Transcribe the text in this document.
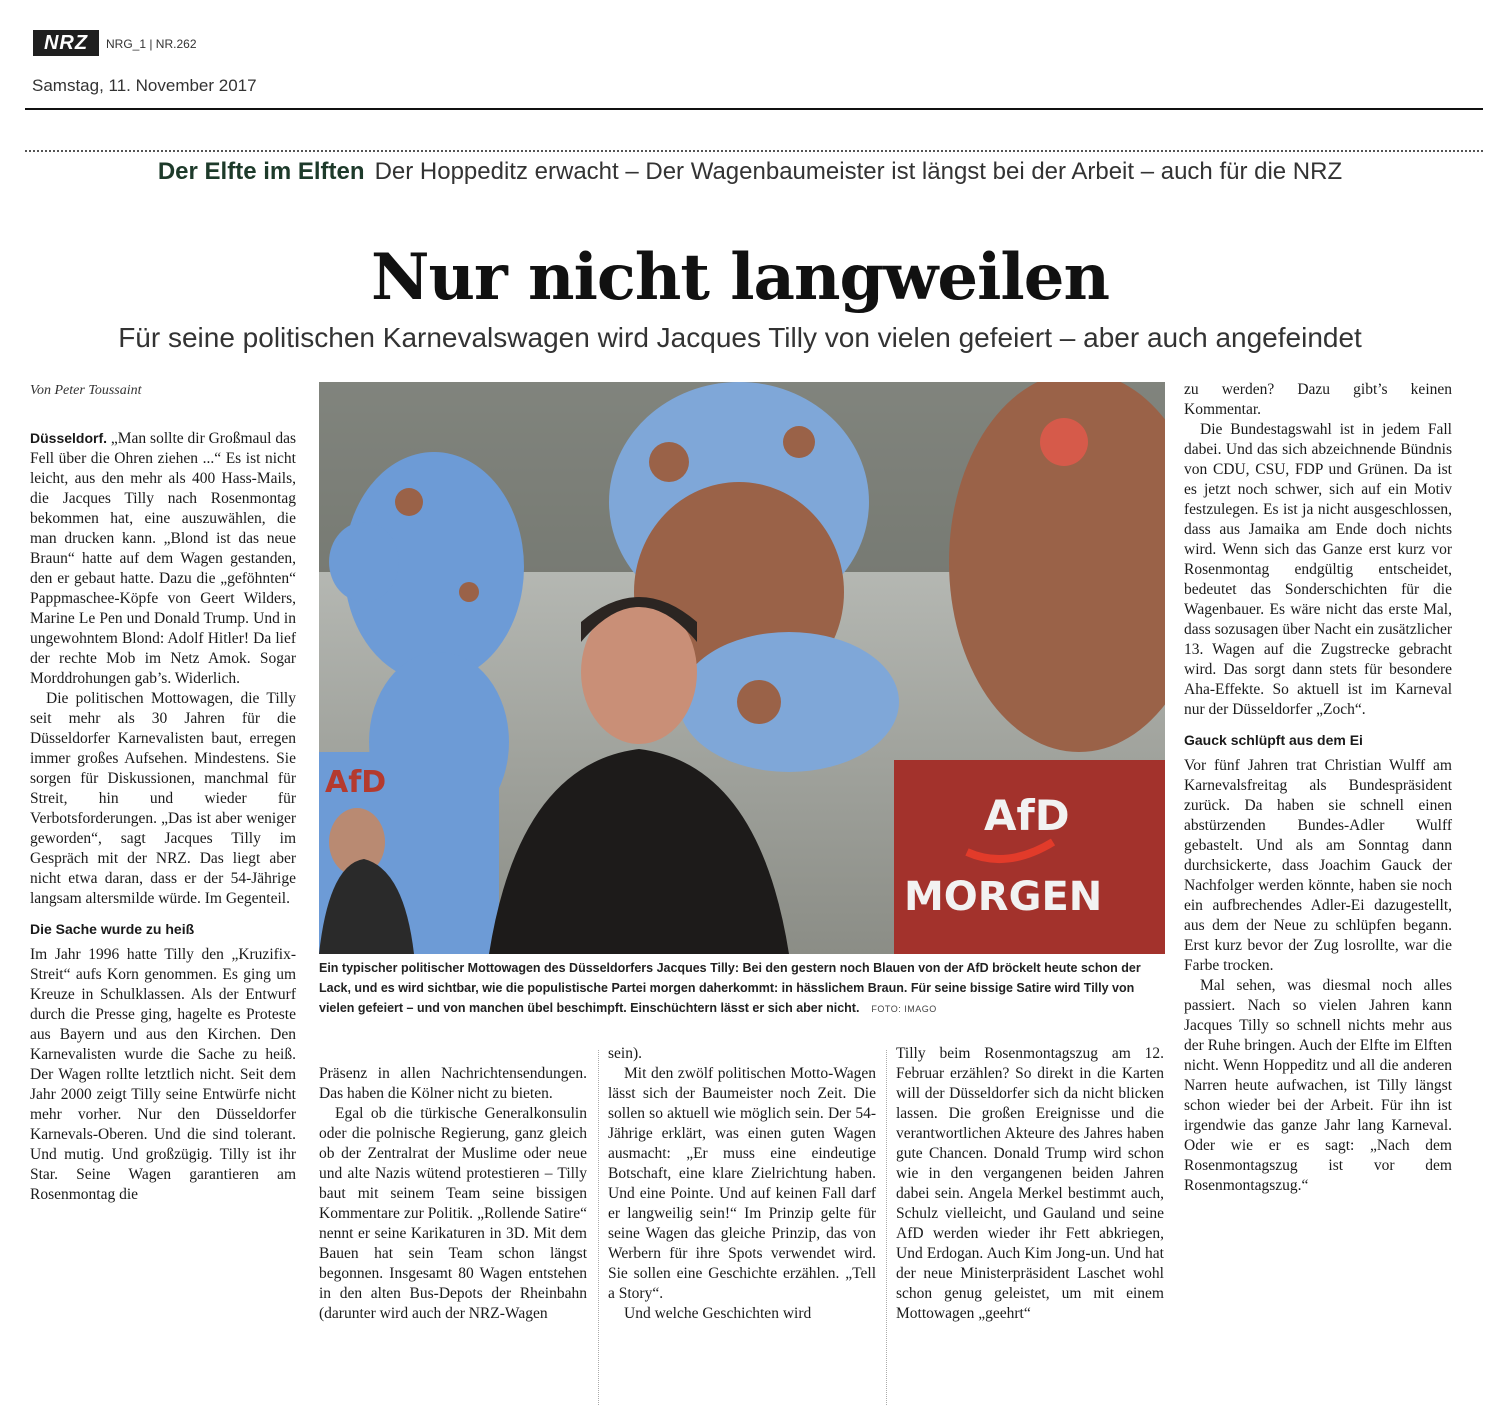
NRZ	NRG_1 | NR.262
Samstag, 11. November 2017
Der Elfte im Elften Der Hoppeditz erwacht – Der Wagenbaumeister ist längst bei der Arbeit – auch für die NRZ
Nur nicht langweilen
Für seine politischen Karnevalswagen wird Jacques Tilly von vielen gefeiert – aber auch angefeindet
Von Peter Toussaint

Düsseldorf. „Man sollte dir Großmaul das Fell über die Ohren ziehen ...“ Es ist nicht leicht, aus den mehr als 400 Hass-Mails, die Jacques Tilly nach Rosenmontag bekommen hat, eine auszuwählen, die man drucken kann. „Blond ist das neue Braun“ hatte auf dem Wagen gestanden, den er gebaut hatte. Dazu die „geföhnten“ Pappmaschee-Köpfe von Geert Wilders, Marine Le Pen und Donald Trump. Und in ungewohntem Blond: Adolf Hitler! Da lief der rechte Mob im Netz Amok. Sogar Morddrohungen gab’s. Widerlich.

Die politischen Mottowagen, die Tilly seit mehr als 30 Jahren für die Düsseldorfer Karnevalisten baut, erregen immer großes Aufsehen. Mindestens. Sie sorgen für Diskussionen, manchmal für Streit, hin und wieder für Verbotsforderungen. „Das ist aber weniger geworden“, sagt Jacques Tilly im Gespräch mit der NRZ. Das liegt aber nicht etwa daran, dass er der 54-Jährige langsam altersmilde würde. Im Gegenteil.

Die Sache wurde zu heiß

Im Jahr 1996 hatte Tilly den „Kruzifix-Streit“ aufs Korn genommen. Es ging um Kreuze in Schulklassen. Als der Entwurf durch die Presse ging, hagelte es Proteste aus Bayern und aus den Kirchen. Den Karnevalisten wurde die Sache zu heiß. Der Wagen rollte letztlich nicht. Seit dem Jahr 2000 zeigt Tilly seine Entwürfe nicht mehr vorher. Nur den Düsseldorfer Karnevals-Oberen. Und die sind tolerant. Und mutig. Und großzügig. Tilly ist ihr Star. Seine Wagen garantieren am Rosenmontag die

AfD
MORGEN
AfD
Ein typischer politischer Mottowagen des Düsseldorfers Jacques Tilly: Bei den gestern noch Blauen von der AfD bröckelt heute schon der Lack, und es wird sichtbar, wie die populistische Partei morgen daherkommt: in hässlichem Braun. Für seine bissige Satire wird Tilly von vielen gefeiert – und von manchen übel beschimpft. Einschüchtern lässt er sich aber nicht. FOTO: IMAGO

Präsenz in allen Nachrichtensendungen. Das haben die Kölner nicht zu bieten.

Egal ob die türkische Generalkonsulin oder die polnische Regierung, ganz gleich ob der Zentralrat der Muslime oder neue und alte Nazis wütend protestieren – Tilly baut mit seinem Team seine bissigen Kommentare zur Politik. „Rollende Satire“ nennt er seine Karikaturen in 3D. Mit dem Bauen hat sein Team schon längst begonnen. Insgesamt 80 Wagen entstehen in den alten Bus-Depots der Rheinbahn (darunter wird auch der NRZ-Wagen

sein).

Mit den zwölf politischen Motto-Wagen lässt sich der Baumeister noch Zeit. Die sollen so aktuell wie möglich sein. Der 54-Jährige erklärt, was einen guten Wagen ausmacht: „Er muss eine eindeutige Botschaft, eine klare Zielrichtung haben. Und eine Pointe. Und auf keinen Fall darf er langweilig sein!“ Im Prinzip gelte für seine Wagen das gleiche Prinzip, das von Werbern für ihre Spots verwendet wird. Sie sollen eine Geschichte erzählen. „Tell a Story“.

Und welche Geschichten wird

Tilly beim Rosenmontagszug am 12. Februar erzählen? So direkt in die Karten will der Düsseldorfer sich da nicht blicken lassen. Die großen Ereignisse und die verantwortlichen Akteure des Jahres haben gute Chancen. Donald Trump wird schon wie in den vergangenen beiden Jahren dabei sein. Angela Merkel bestimmt auch, Schulz vielleicht, und Gauland und seine AfD werden wieder ihr Fett abkriegen, Und Erdogan. Auch Kim Jong-un. Und hat der neue Ministerpräsident Laschet wohl schon genug geleistet, um mit einem Mottowagen „geehrt“

zu werden? Dazu gibt’s keinen Kommentar.

Die Bundestagswahl ist in jedem Fall dabei. Und das sich abzeichnende Bündnis von CDU, CSU, FDP und Grünen. Da ist es jetzt noch schwer, sich auf ein Motiv festzulegen. Es ist ja nicht ausgeschlossen, dass aus Jamaika am Ende doch nichts wird. Wenn sich das Ganze erst kurz vor Rosenmontag endgültig entscheidet, bedeutet das Sonderschichten für die Wagenbauer. Es wäre nicht das erste Mal, dass sozusagen über Nacht ein zusätzlicher 13. Wagen auf die Zugstrecke gebracht wird. Das sorgt dann stets für besondere Aha-Effekte. So aktuell ist im Karneval nur der Düsseldorfer „Zoch“.

Gauck schlüpft aus dem Ei

Vor fünf Jahren trat Christian Wulff am Karnevalsfreitag als Bundespräsident zurück. Da haben sie schnell einen abstürzenden Bundes-Adler Wulff gebastelt. Und als am Sonntag dann durchsickerte, dass Joachim Gauck der Nachfolger werden könnte, haben sie noch ein aufbrechendes Adler-Ei dazugestellt, aus dem der Neue zu schlüpfen begann. Erst kurz bevor der Zug losrollte, war die Farbe trocken.

Mal sehen, was diesmal noch alles passiert. Nach so vielen Jahren kann Jacques Tilly so schnell nichts mehr aus der Ruhe bringen. Auch der Elfte im Elften nicht. Wenn Hoppeditz und all die anderen Narren heute aufwachen, ist Tilly längst schon wieder bei der Arbeit. Für ihn ist irgendwie das ganze Jahr lang Karneval. Oder wie er es sagt: „Nach dem Rosenmontagszug ist vor dem Rosenmontagszug.“
